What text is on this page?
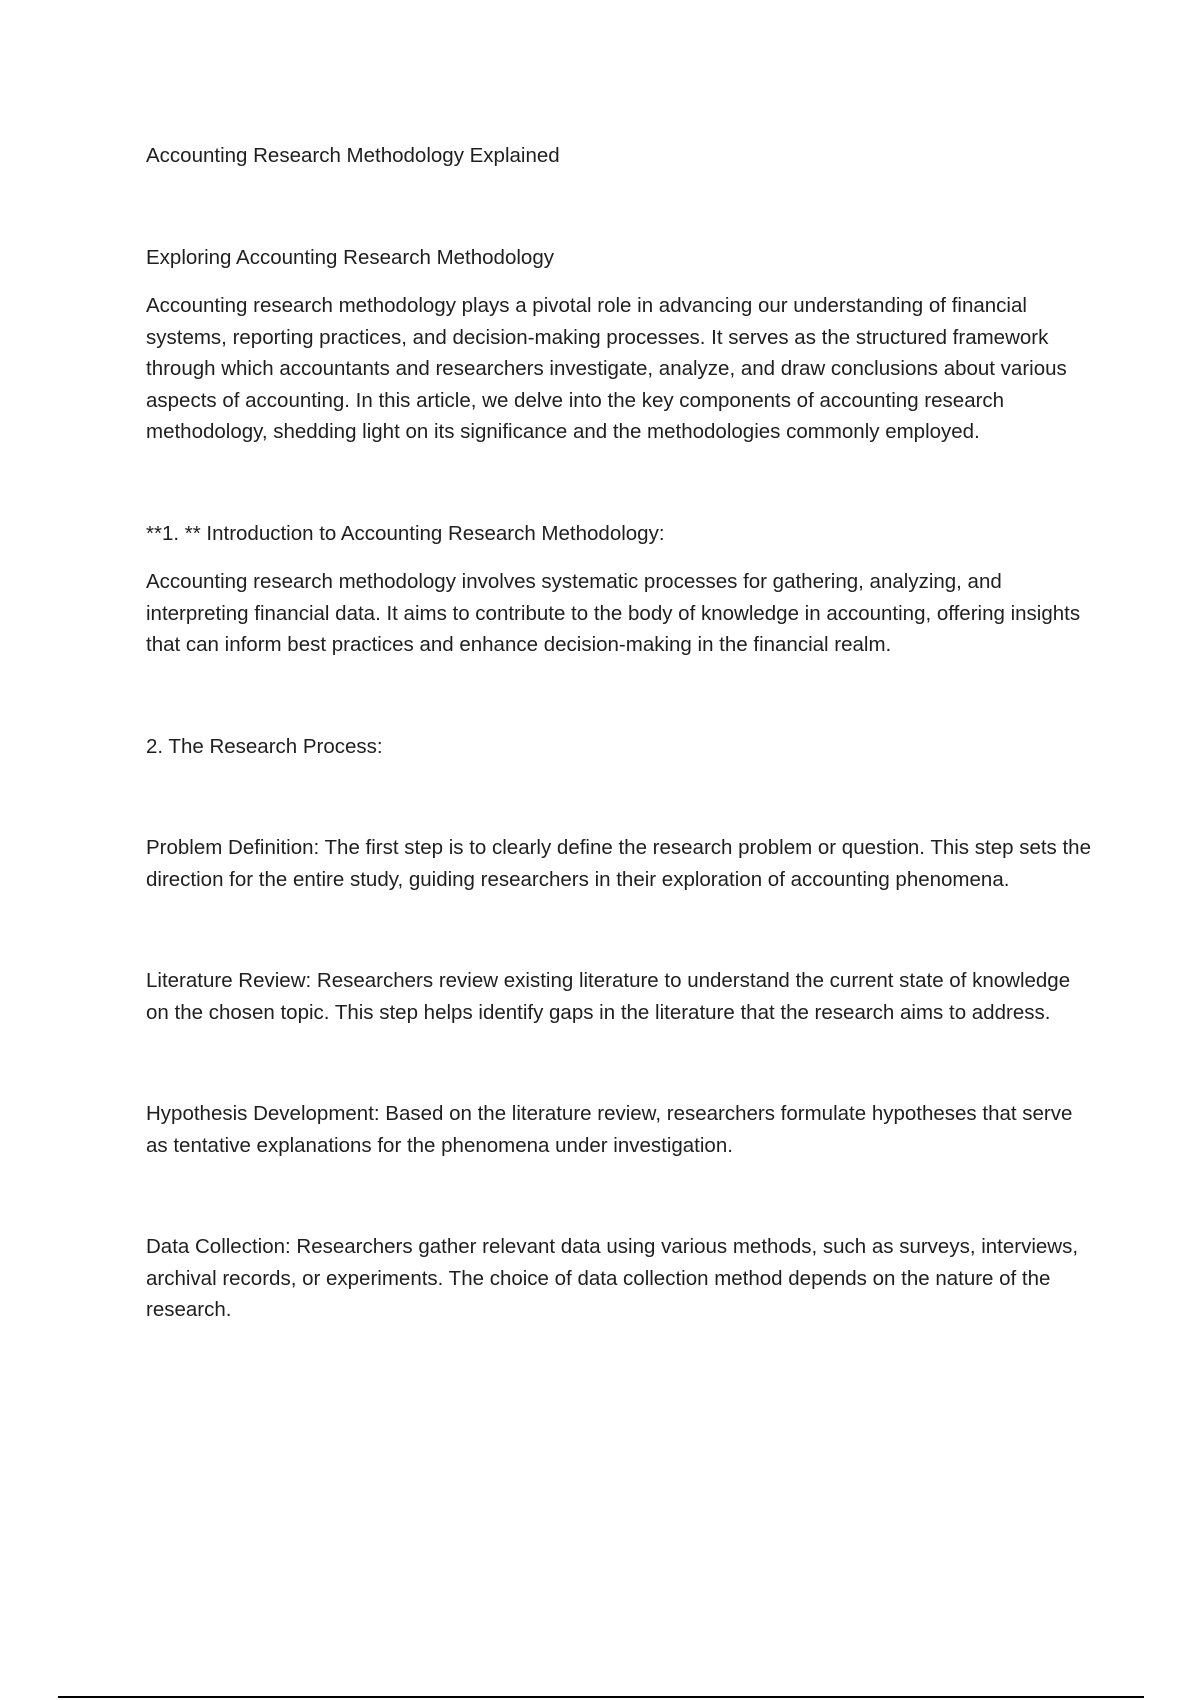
Accounting Research Methodology Explained

Exploring Accounting Research Methodology

Accounting research methodology plays a pivotal role in advancing our understanding of financial systems, reporting practices, and decision-making processes. It serves as the structured framework through which accountants and researchers investigate, analyze, and draw conclusions about various aspects of accounting. In this article, we delve into the key components of accounting research methodology, shedding light on its significance and the methodologies commonly employed.

**1. ** Introduction to Accounting Research Methodology:

Accounting research methodology involves systematic processes for gathering, analyzing, and interpreting financial data. It aims to contribute to the body of knowledge in accounting, offering insights that can inform best practices and enhance decision-making in the financial realm.

2. The Research Process:

Problem Definition: The first step is to clearly define the research problem or question. This step sets the direction for the entire study, guiding researchers in their exploration of accounting phenomena.

Literature Review: Researchers review existing literature to understand the current state of knowledge on the chosen topic. This step helps identify gaps in the literature that the research aims to address.

Hypothesis Development: Based on the literature review, researchers formulate hypotheses that serve as tentative explanations for the phenomena under investigation.

Data Collection: Researchers gather relevant data using various methods, such as surveys, interviews, archival records, or experiments. The choice of data collection method depends on the nature of the research.
